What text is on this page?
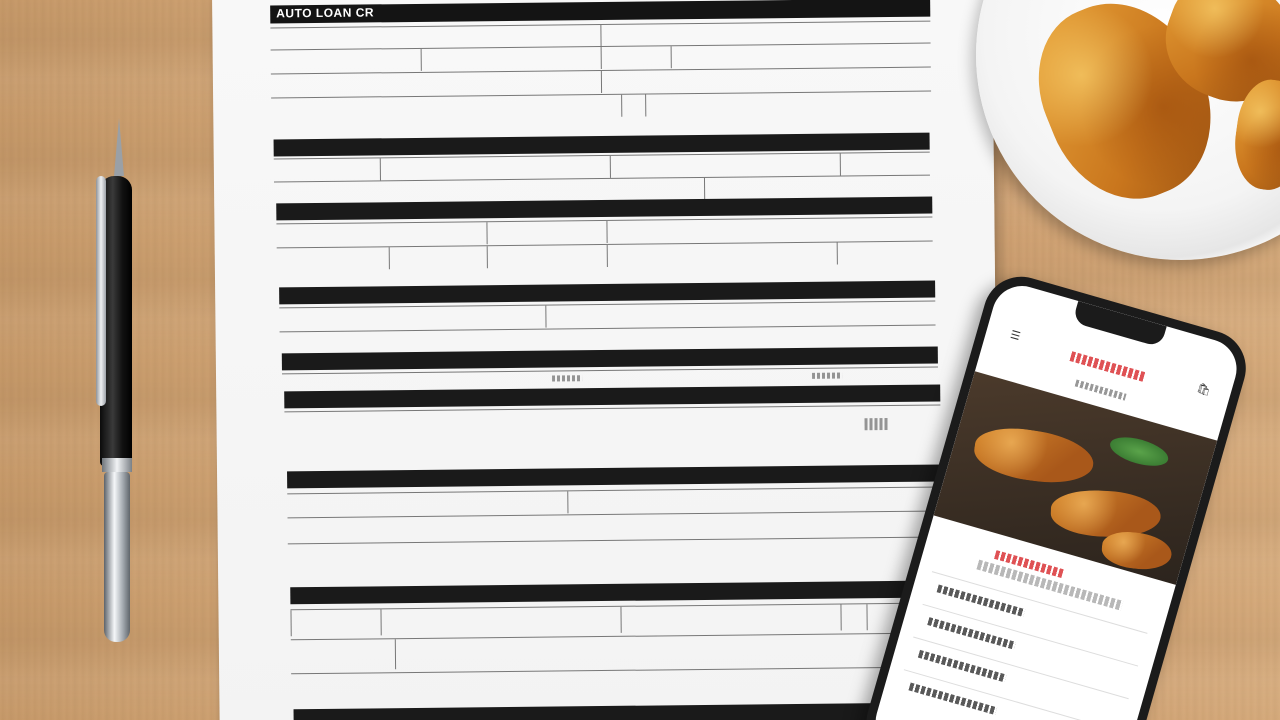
AUTO LOAN CR
☰
🛍
